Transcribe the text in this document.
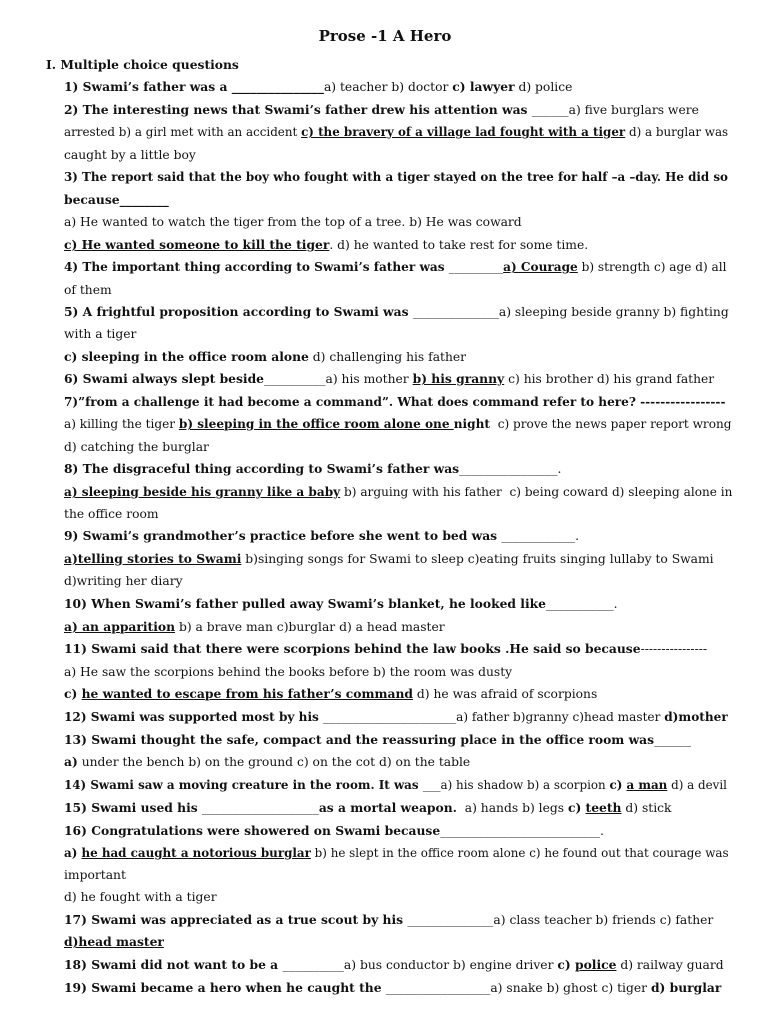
Prose -1 A Hero
I. Multiple choice questions
1) Swami’s father was a _______________a) teacher b) doctor c) lawyer d) police
2) The interesting news that Swami’s father drew his attention was ______a) five burglars were
arrested b) a girl met with an accident c) the bravery of a village lad fought with a tiger d) a burglar was
caught by a little boy
3) The report said that the boy who fought with a tiger stayed on the tree for half –a –day. He did so
because________
a) He wanted to watch the tiger from the top of a tree. b) He was coward
c) He wanted someone to kill the tiger. d) he wanted to take rest for some time.
4) The important thing according to Swami’s father was _________a) Courage b) strength c) age d) all
of them
5) A frightful proposition according to Swami was ______________a) sleeping beside granny b) fighting
with a tiger
c) sleeping in the office room alone d) challenging his father
6) Swami always slept beside__________a) his mother b) his granny c) his brother d) his grand father
7)”from a challenge it had become a command”. What does command refer to here? -----------------
a) killing the tiger b) sleeping in the office room alone one night  c) prove the news paper report wrong
d) catching the burglar
8) The disgraceful thing according to Swami’s father was________________.
a) sleeping beside his granny like a baby b) arguing with his father  c) being coward d) sleeping alone in
the office room
9) Swami’s grandmother’s practice before she went to bed was ____________.
a)telling stories to Swami b)singing songs for Swami to sleep c)eating fruits singing lullaby to Swami
d)writing her diary
10) When Swami’s father pulled away Swami’s blanket, he looked like___________.
a) an apparition b) a brave man c)burglar d) a head master
11) Swami said that there were scorpions behind the law books .He said so because----------------
a) He saw the scorpions behind the books before b) the room was dusty
c) he wanted to escape from his father’s command d) he was afraid of scorpions
12) Swami was supported most by his ______________________a) father b)granny c)head master d)mother
13) Swami thought the safe, compact and the reassuring place in the office room was______
a) under the bench b) on the ground c) on the cot d) on the table
14) Swami saw a moving creature in the room. It was ___a) his shadow b) a scorpion c) a man d) a devil
15) Swami used his ___________________as a mortal weapon.  a) hands b) legs c) teeth d) stick
16) Congratulations were showered on Swami because__________________________.
a) he had caught a notorious burglar b) he slept in the office room alone c) he found out that courage was
important
d) he fought with a tiger
17) Swami was appreciated as a true scout by his ______________a) class teacher b) friends c) father
d)head master
18) Swami did not want to be a __________a) bus conductor b) engine driver c) police d) railway guard
19) Swami became a hero when he caught the _________________a) snake b) ghost c) tiger d) burglar
